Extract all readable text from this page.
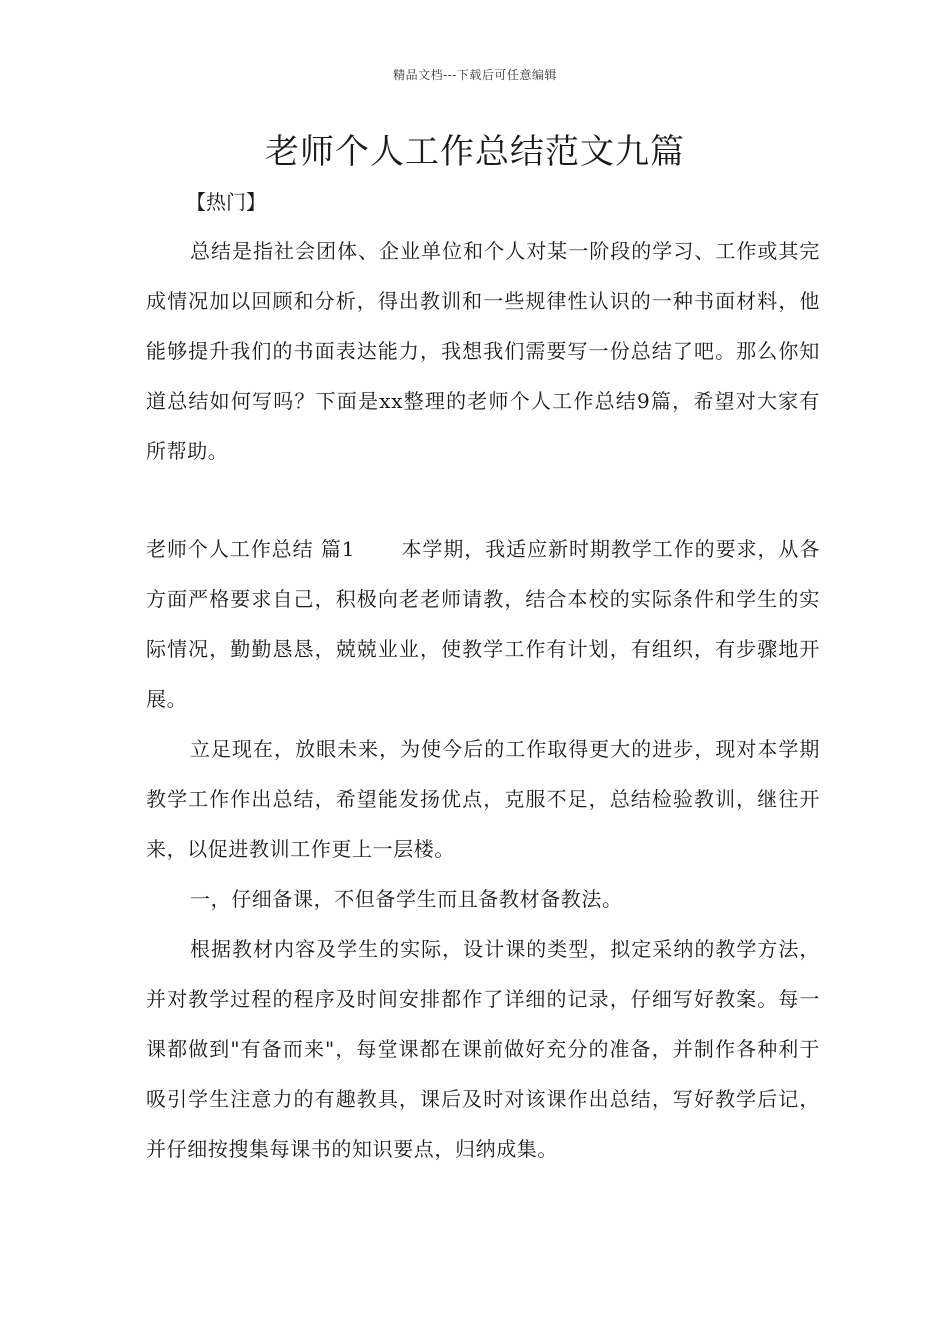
精品文档---下载后可任意编辑
老师个人工作总结范文九篇
【热门】

总结是指社会团体、企业单位和个人对某一阶段的学习、工作或其完成情况加以回顾和分析，得出教训和一些规律性认识的一种书面材料，他能够提升我们的书面表达能力，我想我们需要写一份总结了吧。那么你知道总结如何写吗？下面是xx整理的老师个人工作总结9篇，希望对大家有所帮助。

老师个人工作总结 篇1 本学期，我适应新时期教学工作的要求，从各方面严格要求自己，积极向老老师请教，结合本校的实际条件和学生的实际情况，勤勤恳恳，兢兢业业，使教学工作有计划，有组织，有步骤地开展。

立足现在，放眼未来，为使今后的工作取得更大的进步，现对本学期教学工作作出总结，希望能发扬优点，克服不足，总结检验教训，继往开来，以促进教训工作更上一层楼。

一，仔细备课，不但备学生而且备教材备教法。

根据教材内容及学生的实际，设计课的类型，拟定采纳的教学方法，并对教学过程的程序及时间安排都作了详细的记录，仔细写好教案。每一课都做到"有备而来"，每堂课都在课前做好充分的准备，并制作各种利于吸引学生注意力的有趣教具，课后及时对该课作出总结，写好教学后记，并仔细按搜集每课书的知识要点，归纳成集。
